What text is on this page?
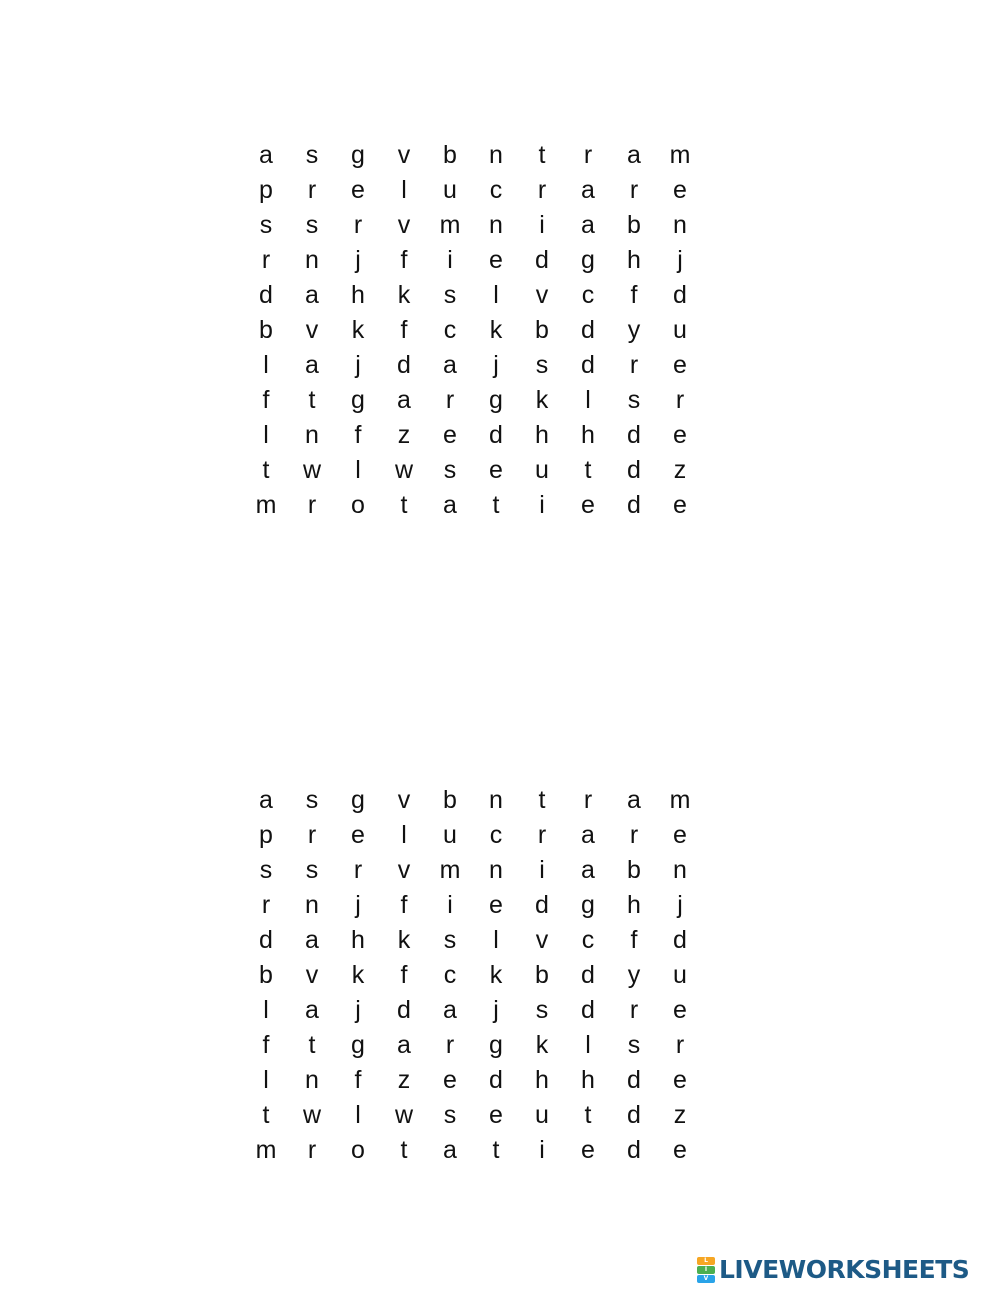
a	s	g	v	b	n	t	r	a	m
p	r	e	l	u	c	r	a	r	e
s	s	r	v	m	n	i	a	b	n
r	n	j	f	i	e	d	g	h	j
d	a	h	k	s	l	v	c	f	d
b	v	k	f	c	k	b	d	y	u
l	a	j	d	a	j	s	d	r	e
f	t	g	a	r	g	k	l	s	r
l	n	f	z	e	d	h	h	d	e
t	w	l	w	s	e	u	t	d	z
m	r	o	t	a	t	i	e	d	e
a	s	g	v	b	n	t	r	a	m
p	r	e	l	u	c	r	a	r	e
s	s	r	v	m	n	i	a	b	n
r	n	j	f	i	e	d	g	h	j
d	a	h	k	s	l	v	c	f	d
b	v	k	f	c	k	b	d	y	u
l	a	j	d	a	j	s	d	r	e
f	t	g	a	r	g	k	l	s	r
l	n	f	z	e	d	h	h	d	e
t	w	l	w	s	e	u	t	d	z
m	r	o	t	a	t	i	e	d	e
L
I
V LIVEWORKSHEETS
